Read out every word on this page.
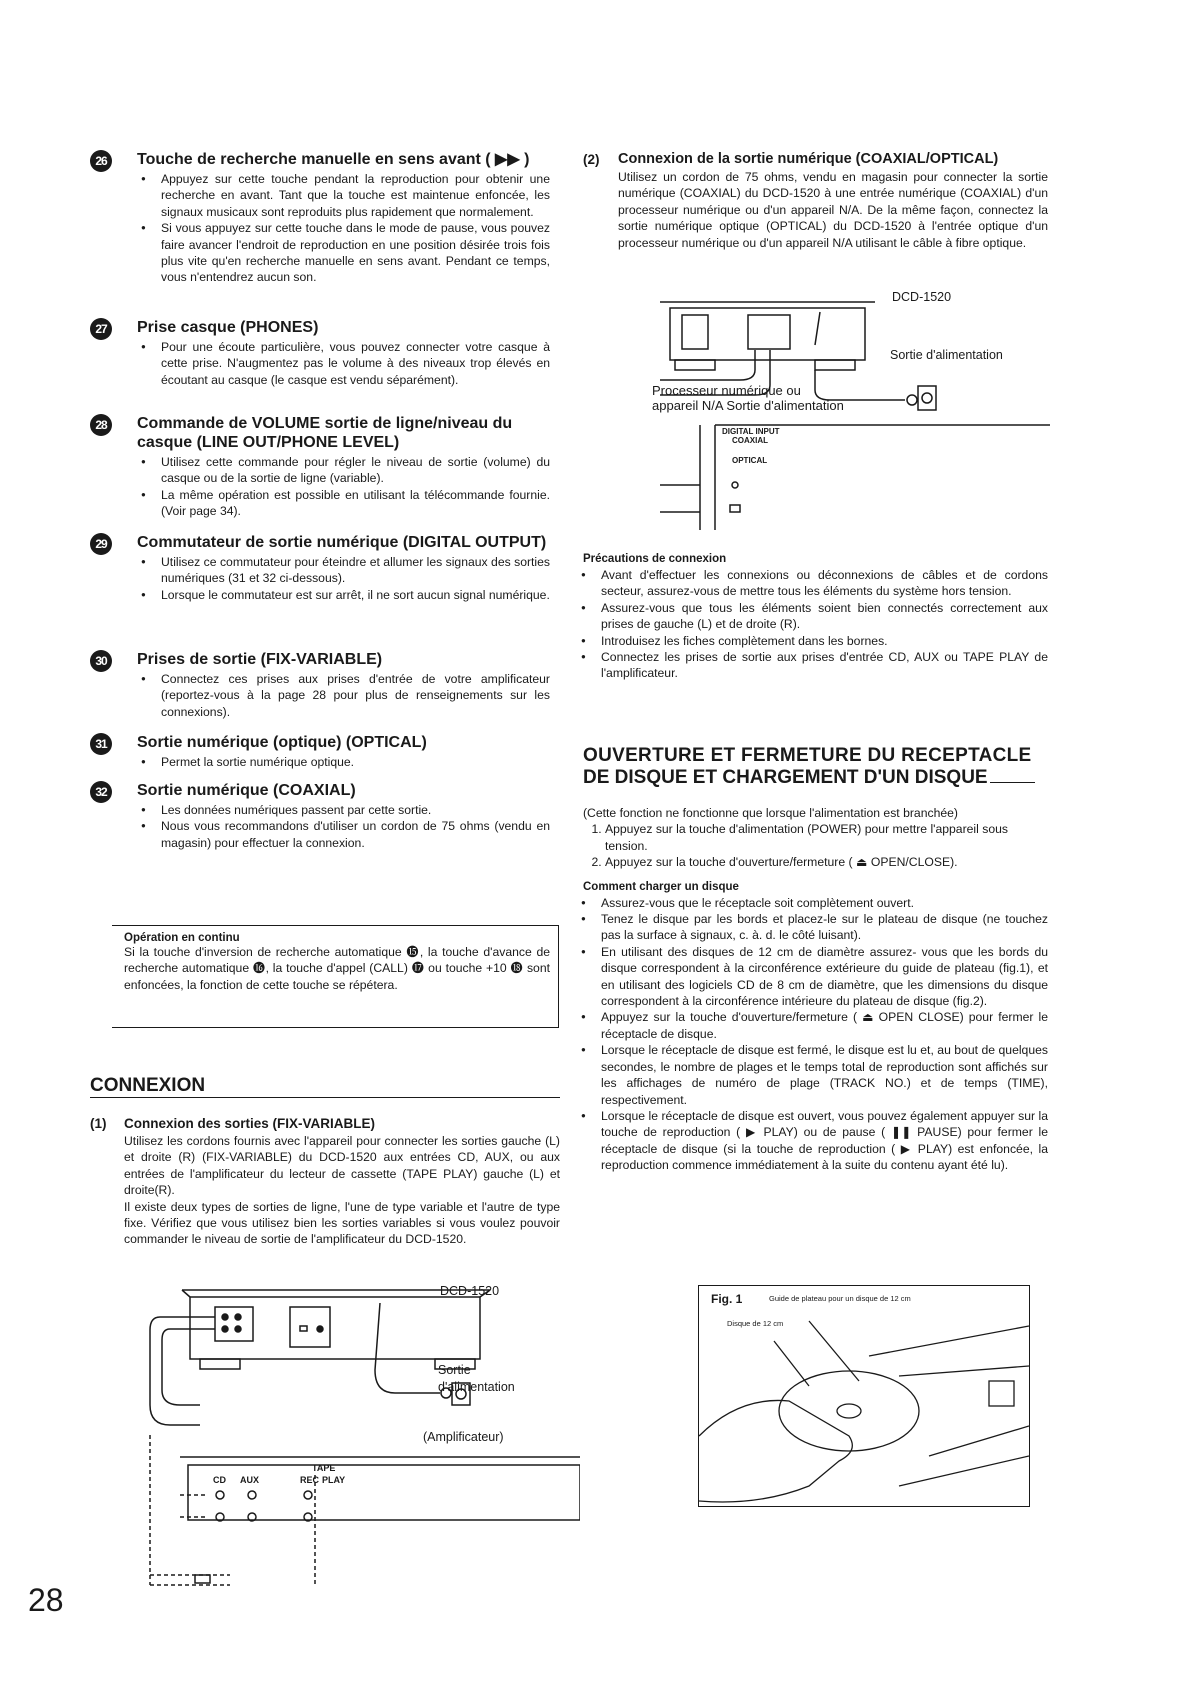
26	Touche de recherche manuelle en sens avant ( ▶▶ )
● Appuyez sur cette touche pendant la reproduction pour obtenir une recherche en avant. Tant que la touche est maintenue enfoncée, les signaux musicaux sont reproduits plus rapidement que normalement.
● Si vous appuyez sur cette touche dans le mode de pause, vous pouvez faire avancer l'endroit de reproduction en une position désirée trois fois plus vite qu'en recherche manuelle en sens avant. Pendant ce temps, vous n'entendrez aucun son.
27	Prise casque (PHONES)
● Pour une écoute particulière, vous pouvez connecter votre casque à cette prise. N'augmentez pas le volume à des niveaux trop élevés en écoutant au casque (le casque est vendu séparément).
28	Commande de VOLUME sortie de ligne/niveau du casque (LINE OUT/PHONE LEVEL)
● Utilisez cette commande pour régler le niveau de sortie (volume) du casque ou de la sortie de ligne (variable).
● La même opération est possible en utilisant la télécommande fournie. (Voir page 34).
29	Commutateur de sortie numérique (DIGITAL OUTPUT)
● Utilisez ce commutateur pour éteindre et allumer les signaux des sorties numériques (31 et 32 ci-dessous).
● Lorsque le commutateur est sur arrêt, il ne sort aucun signal numérique.
30	Prises de sortie (FIX-VARIABLE)
● Connectez ces prises aux prises d'entrée de votre amplificateur (reportez-vous à la page 28 pour plus de renseignements sur les connexions).
31	Sortie numérique (optique) (OPTICAL)
● Permet la sortie numérique optique.
32	Sortie numérique (COAXIAL)
● Les données numériques passent par cette sortie.
● Nous vous recommandons d'utiliser un cordon de 75 ohms (vendu en magasin) pour effectuer la connexion.
Opération en continu
Si la touche d'inversion de recherche automatique ⓯, la touche d'avance de recherche automatique ⓰, la touche d'appel (CALL) ⓱ ou touche +10 ⓲ sont enfoncées, la fonction de cette touche se répétera.
CONNEXION
(1) Connexion des sorties (FIX-VARIABLE)
Utilisez les cordons fournis avec l'appareil pour connecter les sorties gauche (L) et droite (R) (FIX-VARIABLE) du DCD-1520 aux entrées CD, AUX, ou aux entrées de l'amplificateur du lecteur de cassette (TAPE PLAY) gauche (L) et droite(R).
Il existe deux types de sorties de ligne, l'une de type variable et l'autre de type fixe. Vérifiez que vous utilisez bien les sorties variables si vous voulez pouvoir commander le niveau de sortie de l'amplificateur du DCD-1520.
DCD-1520
Sortie
d'alimentation
(Amplificateur)
CD AUX
TAPE
REC PLAY
28
(2) Connexion de la sortie numérique (COAXIAL/OPTICAL)
Utilisez un cordon de 75 ohms, vendu en magasin pour connecter la sortie numérique (COAXIAL) du DCD-1520 à une entrée numérique (COAXIAL) d'un processeur numérique ou d'un appareil N/A. De la même façon, connectez la sortie numérique optique (OPTICAL) du DCD-1520 à l'entrée optique d'un processeur numérique ou d'un appareil N/A utilisant le câble à fibre optique.
DCD-1520
Sortie d'alimentation
Processeur numérique ou
appareil N/A Sortie d'alimentation
DIGITAL INPUT
COAXIAL
OPTICAL
Précautions de connexion
● Avant d'effectuer les connexions ou déconnexions de câbles et de cordons secteur, assurez-vous de mettre tous les éléments du système hors tension.
● Assurez-vous que tous les éléments soient bien connectés correctement aux prises de gauche (L) et de droite (R).
● Introduisez les fiches complètement dans les bornes.
● Connectez les prises de sortie aux prises d'entrée CD, AUX ou TAPE PLAY de l'amplificateur.
OUVERTURE ET FERMETURE DU RECEPTACLE
DE DISQUE ET CHARGEMENT D'UN DISQUE
(Cette fonction ne fonctionne que lorsque l'alimentation est branchée)
1. Appuyez sur la touche d'alimentation (POWER) pour mettre l'appareil sous tension.
2. Appuyez sur la touche d'ouverture/fermeture ( ⏏ OPEN/CLOSE).
Comment charger un disque
● Assurez-vous que le réceptacle soit complètement ouvert.
● Tenez le disque par les bords et placez-le sur le plateau de disque (ne touchez pas la surface à signaux, c. à. d. le côté luisant).
● En utilisant des disques de 12 cm de diamètre assurez- vous que les bords du disque correspondent à la circonférence extérieure du guide de plateau (fig.1), et en utilisant des logiciels CD de 8 cm de diamètre, que les dimensions du disque correspondent à la circonférence intérieure du plateau de disque (fig.2).
● Appuyez sur la touche d'ouverture/fermeture ( ⏏ OPEN CLOSE) pour fermer le réceptacle de disque.
● Lorsque le réceptacle de disque est fermé, le disque est lu et, au bout de quelques secondes, le nombre de plages et le temps total de reproduction sont affichés sur les affichages de numéro de plage (TRACK NO.) et de temps (TIME), respectivement.
● Lorsque le réceptacle de disque est ouvert, vous pouvez également appuyer sur la touche de reproduction ( ▶ PLAY) ou de pause ( ❚❚ PAUSE) pour fermer le réceptacle de disque (si la touche de reproduction ( ▶ PLAY) est enfoncée, la reproduction commence immédiatement à la suite du contenu ayant été lu).
Fig. 1	Guide de plateau pour un disque de 12 cm
Disque de 12 cm
